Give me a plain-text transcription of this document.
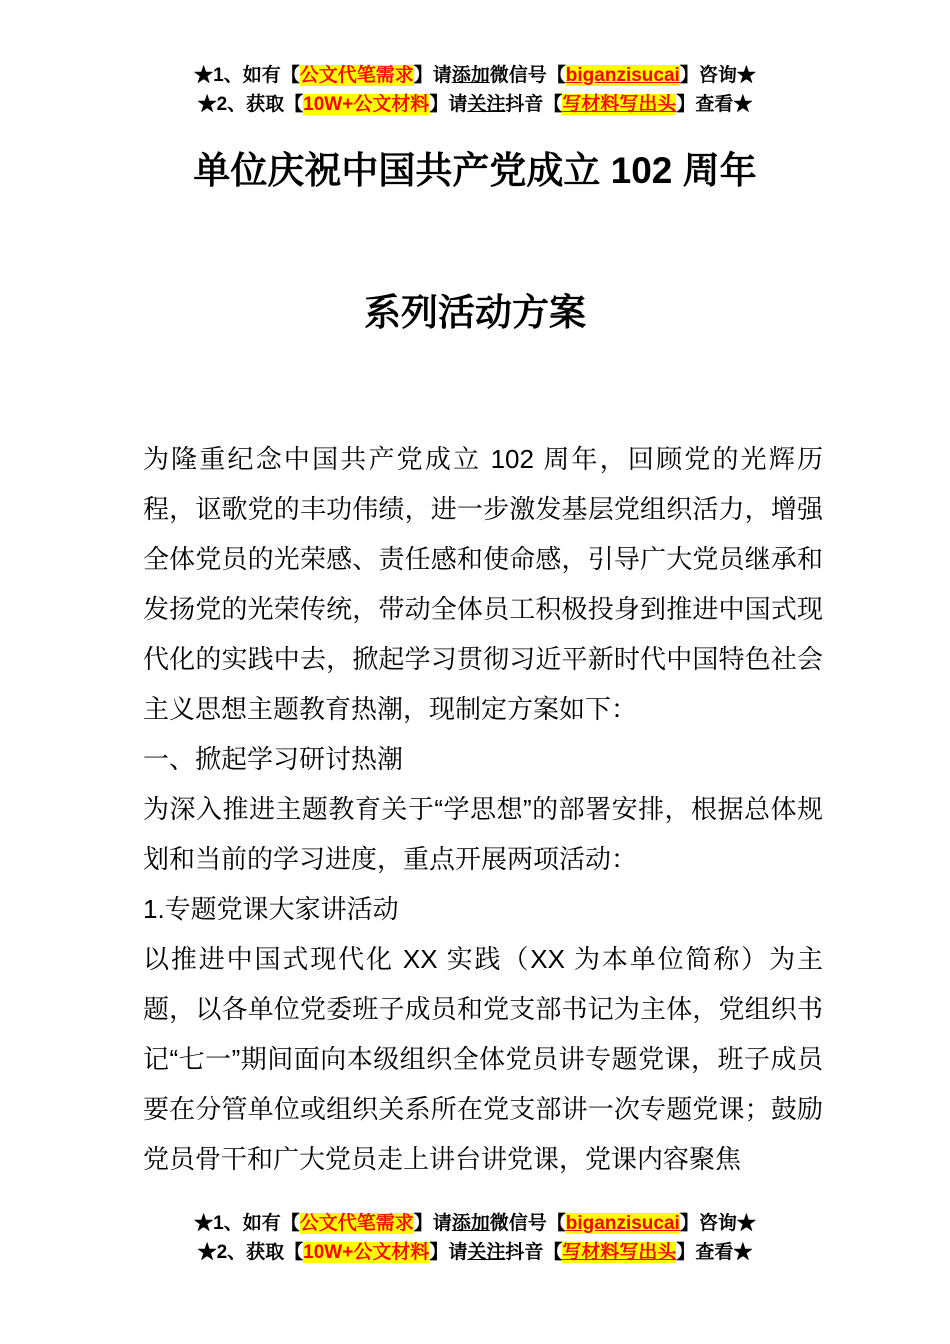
★1、如有【公文代笔需求】请添加微信号【biganzisucai】咨询★
★2、获取【10W+公文材料】请关注抖音【写材料写出头】查看★
单位庆祝中国共产党成立 102 周年
系列活动方案

为隆重纪念中国共产党成立 102 周年，回顾党的光辉历程，讴歌党的丰功伟绩，进一步激发基层党组织活力，增强全体党员的光荣感、责任感和使命感，引导广大党员继承和发扬党的光荣传统，带动全体员工积极投身到推进中国式现代化的实践中去，掀起学习贯彻习近平新时代中国特色社会主义思想主题教育热潮，现制定方案如下：

一、掀起学习研讨热潮

为深入推进主题教育关于“学思想”的部署安排，根据总体规划和当前的学习进度，重点开展两项活动：

1.专题党课大家讲活动

以推进中国式现代化 XX 实践（XX 为本单位简称）为主题，以各单位党委班子成员和党支部书记为主体，党组织书记“七一”期间面向本级组织全体党员讲专题党课，班子成员要在分管单位或组织关系所在党支部讲一次专题党课；鼓励党员骨干和广大党员走上讲台讲党课，党课内容聚焦

★1、如有【公文代笔需求】请添加微信号【biganzisucai】咨询★
★2、获取【10W+公文材料】请关注抖音【写材料写出头】查看★
